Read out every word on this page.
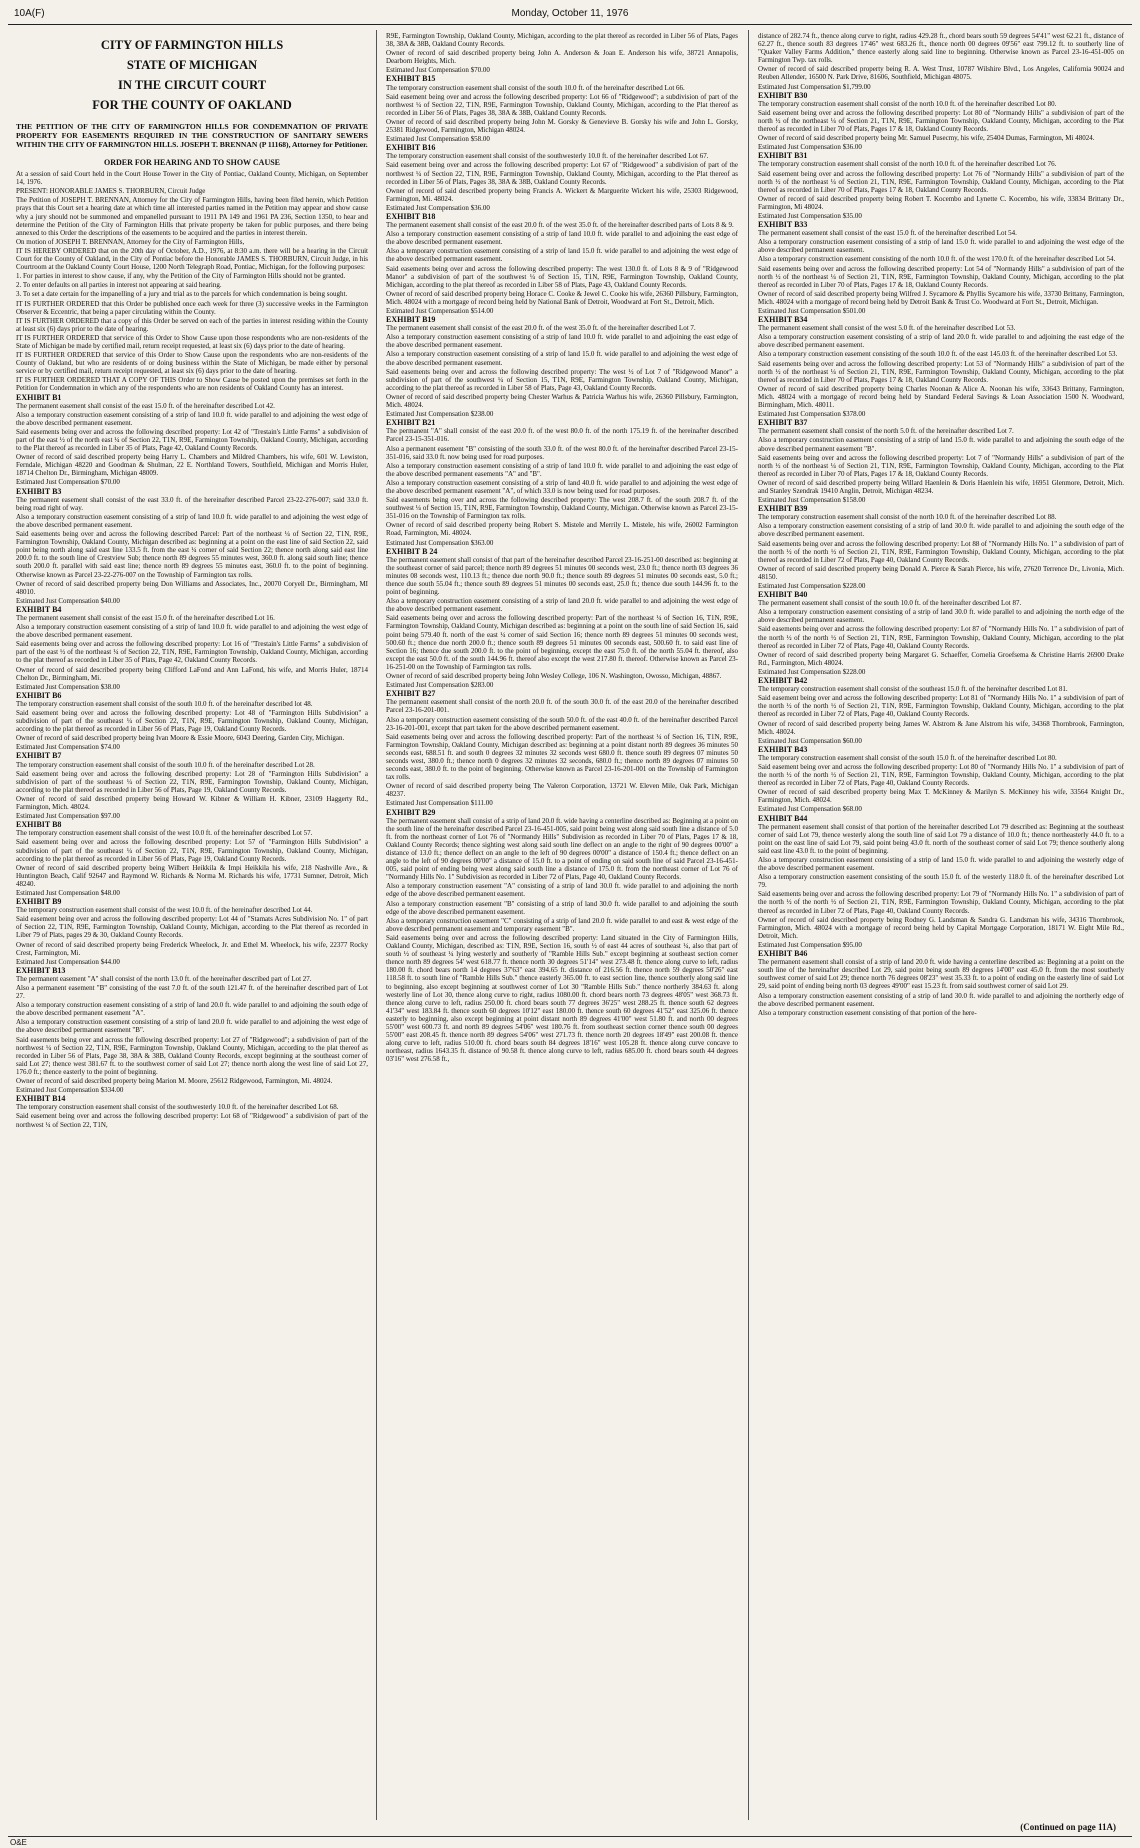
10A(F)	Monday, October 11, 1976
CITY OF FARMINGTON HILLS
STATE OF MICHIGAN
IN THE CIRCUIT COURT
FOR THE COUNTY OF OAKLAND

THE PETITION OF THE CITY OF FARMINGTON HILLS FOR CONDEMNATION OF PRIVATE PROPERTY FOR EASEMENTS REQUIRED IN THE CONSTRUCTION OF SANITARY SEWERS WITHIN THE CITY OF FARMINGTON HILLS. JOSEPH T. BRENNAN (P 11168), Attorney for Petitioner.

ORDER FOR HEARING AND TO SHOW CAUSE

At a session of said Court held in the Court House Tower in the City of Pontiac, Oakland County, Michigan, on September 14, 1976.

PRESENT: HONORABLE JAMES S. THORBURN, Circuit Judge

The Petition of JOSEPH T. BRENNAN, Attorney for the City of Farmington Hills, having been filed herein, which Petition prays that this Court set a hearing date at which time all interested parties named in the Petition may appear and show cause why a jury should not be summoned and empanelled pursuant to 1911 PA 149 and 1961 PA 236, Section 1350, to hear and determine the Petition of the City of Farmington Hills that private property be taken for public purposes, and there being annexed to this Order the descriptions of the easements to be acquired and the parties in interest therein.

On motion of JOSEPH T. BRENNAN, Attorney for the City of Farmington Hills,

IT IS HEREBY ORDERED that on the 20th day of October, A.D., 1976, at 8:30 a.m. there will be a hearing in the Circuit Court for the County of Oakland, in the City of Pontiac before the Honorable JAMES S. THORBURN, Circuit Judge, in his Courtroom at the Oakland County Court House, 1200 North Telegraph Road, Pontiac, Michigan, for the following purposes:

1. For parties in interest to show cause, if any, why the Petition of the City of Farmington Hills should not be granted.

2. To enter defaults on all parties in interest not appearing at said hearing.

3. To set a date certain for the impanelling of a jury and trial as to the parcels for which condemnation is being sought.

IT IS FURTHER ORDERED that this Order be published once each week for three (3) successive weeks in the Farmington Observer & Eccentric, that being a paper circulating within the County.

IT IS FURTHER ORDERED that a copy of this Order be served on each of the parties in interest residing within the County at least six (6) days prior to the date of hearing.

IT IS FURTHER ORDERED that service of this Order to Show Cause upon those respondents who are non-residents of the State of Michigan be made by certified mail, return receipt requested, at least six (6) days prior to the date of hearing.

IT IS FURTHER ORDERED that service of this Order to Show Cause upon the respondents who are non-residents of the County of Oakland, but who are residents of or doing business within the State of Michigan, be made either by personal service or by certified mail, return receipt requested, at least six (6) days prior to the date of hearing.

IT IS FURTHER ORDERED THAT A COPY OF THIS Order to Show Cause be posted upon the premises set forth in the Petition for Condemnation in which any of the respondents who are non residents of Oakland County has an interest.

EXHIBIT B1

The permanent easement shall consist of the east 15.0 ft. of the hereinafter described Lot 42.

Also a temporary construction easement consisting of a strip of land 10.0 ft. wide parallel to and adjoining the west edge of the above described permanent easement.

Said easements being over and across the following described property: Lot 42 of "Trestain's Little Farms" a subdivision of part of the east ½ of the north east ¼ of Section 22, T1N, R9E, Farmington Township, Oakland County, Michigan, according to the Plat thereof as recorded in Liber 35 of Plats, Page 42, Oakland County Records.

Owner of record of said described property being Harry L. Chambers and Mildred Chambers, his wife, 601 W. Lewiston, Ferndale, Michigan 48220 and Goodman & Shulman, 22 E. Northland Towers, Southfield, Michigan and Morris Huler, 18714 Chelton Dr., Birmingham, Michigan 48009.

Estimated Just Compensation $70.00

EXHIBIT B3

The permanent easement shall consist of the east 33.0 ft. of the hereinafter described Parcel 23-22-276-007; said 33.0 ft. being road right of way.

Also a temporary construction easement consisting of a strip of land 10.0 ft. wide parallel to and adjoining the west edge of the above described permanent easement.

Said easements being over and across the following described Parcel: Part of the northeast ¼ of Section 22, T1N, R9E, Farmington Township, Oakland County, Michigan described as: beginning at a point on the east line of said Section 22, said point being north along said east line 133.5 ft. from the east ¼ corner of said Section 22; thence north along said east line 200.0 ft. to the south line of Crestview Sub; thence north 89 degrees 55 minutes west, 360.0 ft. along said south line; thence south 200.0 ft. parallel with said east line; thence north 89 degrees 55 minutes east, 360.0 ft. to the point of beginning. Otherwise known as Parcel 23-22-276-007 on the Township of Farmington tax rolls.

Owner of record of said described property being Don Williams and Associates, Inc., 20070 Coryell Dr., Birmingham, MI 48010.

Estimated Just Compensation $40.00

EXHIBIT B4

The permanent easement shall consist of the east 15.0 ft. of the hereinafter described Lot 16.

Also a temporary construction easement consisting of a strip of land 10.0 ft. wide parallel to and adjoining the west edge of the above described permanent easement.

Said easements being over and across the following described property: Lot 16 of "Trestain's Little Farms" a subdivision of part of the east ½ of the northeast ¼ of Section 22, T1N, R9E, Farmington Township, Oakland County, Michigan, according to the plat thereof as recorded in Liber 35 of Plats, Page 42, Oakland County Records.

Owner of record of said described property being Clifford LaFond and Ann LaFond, his wife, and Morris Huler, 18714 Chelton Dr., Birmingham, Mi.

Estimated Just Compensation $38.00

EXHIBIT B6

The temporary construction easement shall consist of the south 10.0 ft. of the hereinafter described lot 48.

Said easement being over and across the following described property: Lot 48 of "Farmington Hills Subdivision" a subdivision of part of the southeast ¼ of Section 22, T1N, R9E, Farmington Township, Oakland County, Michigan, according to the plat thereof as recorded in Liber 56 of Plats, Page 19, Oakland County Records.

Owner of record of said described property being Ivan Moore & Essie Moore, 6043 Deering, Garden City, Michigan.

Estimated Just Compensation $74.00

EXHIBIT B7

The temporary construction easement shall consist of the south 10.0 ft. of the hereinafter described Lot 28.

Said easement being over and across the following described property: Lot 28 of "Farmington Hills Subdivision" a subdivision of part of the southeast ¼ of Section 22, T1N, R9E, Farmington Township, Oakland County, Michigan, according to the plat thereof as recorded in Liber 56 of Plats, Page 19, Oakland County Records.

Owner of record of said described property being Howard W. Kibner & William H. Kibner, 23109 Haggerty Rd., Farmington, Mich. 48024.

Estimated Just Compensation $97.00

EXHIBIT B8

The temporary construction easement shall consist of the west 10.0 ft. of the hereinafter described Lot 57.

Said easement being over and across the following described property: Lot 57 of "Farmington Hills Subdivision" a subdivision of part of the southeast ¼ of Section 22, T1N, R9E, Farmington Township, Oakland County, Michigan, according to the plat thereof as recorded in Liber 56 of Plats, Page 19, Oakland County Records.

Owner of record of said described property being Wilbert Heikkila & Impi Heikkila his wife, 218 Nashville Ave., & Huntington Beach, Calif 92647 and Raymond W. Richards & Norma M. Richards his wife, 17731 Sumner, Detroit, Mich 48240.

Estimated Just Compensation $48.00

EXHIBIT B9

The temporary construction easement shall consist of the west 10.0 ft. of the hereinafter described Lot 44.

Said easement being over and across the following described property: Lot 44 of "Stamats Acres Subdivision No. 1" of part of Section 22, T1N, R9E, Farmington Township, Oakland County, Michigan, according to the Plat thereof as recorded in Liber 79 of Plats, pages 29 & 30, Oakland County Records.

Owner of record of said described property being Frederick Wheelock, Jr. and Ethel M. Wheelock, his wife, 22377 Rocky Crest, Farmington, Mi.

Estimated Just Compensation $44.00

EXHIBIT B13

The permanent easement "A" shall consist of the north 13.0 ft. of the hereinafter described part of Lot 27.

Also a permanent easement "B" consisting of the east 7.0 ft. of the south 121.47 ft. of the hereinafter described part of Lot 27.

Also a temporary construction easement consisting of a strip of land 20.0 ft. wide parallel to and adjoining the south edge of the above described permanent easement "A".

Also a temporary construction easement consisting of a strip of land 20.0 ft. wide parallel to and adjoining the west edge of the above described permanent easement "B".

Said easements being over and across the following described property: Lot 27 of "Ridgewood"; a subdivision of part of the northwest ¼ of Section 22, T1N, R9E, Farmington Township, Oakland County, Michigan, according to the plat thereof as recorded in Liber 56 of Plats, Page 38, 38A & 38B, Oakland County Records, except beginning at the southeast corner of said Lot 27; thence west 381.67 ft. to the southwest corner of said Lot 27; thence north along the west line of said Lot 27, 176.0 ft.; thence easterly to the point of beginning.

Owner of record of said described property being Marion M. Moore, 25612 Ridgewood, Farmington, Mi. 48024.

Estimated Just Compensation $334.00

EXHIBIT B14

The temporary construction easement shall consist of the southwesterly 10.0 ft. of the hereinafter described Lot 68.

Said easement being over and across the following described property: Lot 68 of "Ridgewood" a subdivision of part of the northwest ¼ of Section 22, T1N,

R9E, Farmington Township, Oakland County, Michigan, according to the plat thereof as recorded in Liber 56 of Plats, Pages 38, 38A & 38B, Oakland County Records.

Owner of record of said described property being John A. Anderson & Joan E. Anderson his wife, 38721 Annapolis, Dearborn Heights, Mich.

Estimated Just Compensation $70.00

EXHIBIT B15

The temporary construction easement shall consist of the south 10.0 ft. of the hereinafter described Lot 66.

Said easement being over and across the following described property: Lot 66 of "Ridgewood"; a subdivision of part of the northwest ¼ of Section 22, T1N, R9E, Farmington Township, Oakland County, Michigan, according to the Plat thereof as recorded in Liber 56 of Plats, Pages 38, 38A & 38B, Oakland County Records.

Owner of record of said described property being John M. Gorsky & Genevieve B. Gorsky his wife and John L. Gorsky, 25381 Ridgewood, Farmington, Michigan 48024.

Estimated Just Compensation $58.00

EXHIBIT B16

The temporary construction easement shall consist of the southwesterly 10.0 ft. of the hereinafter described Lot 67.

Said easement being over and across the following described property: Lot 67 of "Ridgewood" a subdivision of part of the northwest ¼ of Section 22, T1N, R9E, Farmington Township, Oakland County, Michigan, according to the Plat thereof as recorded in Liber 56 of Plats, Pages 38, 38A & 38B, Oakland County Records.

Owner of record of said described property being Francis A. Wickert & Marguerite Wickert his wife, 25303 Ridgewood, Farmington, Mi. 48024.

Estimated Just Compensation $36.00

EXHIBIT B18

The permanent easement shall consist of the east 20.0 ft. of the west 35.0 ft. of the hereinafter described parts of Lots 8 & 9.

Also a temporary construction easement consisting of a strip of land 10.0 ft. wide parallel to and adjoining the east edge of the above described permanent easement.

Also a temporary construction easement consisting of a strip of land 15.0 ft. wide parallel to and adjoining the west edge of the above described permanent easement.

Said easements being over and across the following described property: The west 130.0 ft. of Lots 8 & 9 of "Ridgewood Manor" a subdivision of part of the southwest ¼ of Section 15, T1N, R9E, Farmington Township, Oakland County, Michigan, according to the plat thereof as recorded in Liber 58 of Plats, Page 43, Oakland County Records.

Owner of record of said described property being Horace C. Cooke & Jewel C. Cooke his wife, 26360 Pillsbury, Farmington, Mich. 48024 with a mortgage of record being held by National Bank of Detroit, Woodward at Fort St., Detroit, Mich.

Estimated Just Compensation $514.00

EXHIBIT B19

The permanent easement shall consist of the east 20.0 ft. of the west 35.0 ft. of the hereinafter described Lot 7.

Also a temporary construction easement consisting of a strip of land 10.0 ft. wide parallel to and adjoining the east edge of the above described permanent easement.

Also a temporary construction easement consisting of a strip of land 15.0 ft. wide parallel to and adjoining the west edge of the above described permanent easement.

Said easements being over and across the following described property: The west ½ of Lot 7 of "Ridgewood Manor" a subdivision of part of the southwest ¼ of Section 15, T1N, R9E, Farmington Township, Oakland County, Michigan, according to the plat thereof as recorded in Liber 58 of Plats, Page 43, Oakland County Records.

Owner of record of said described property being Chester Warhus & Patricia Warhus his wife, 26360 Pillsbury, Farmington, Mich. 48024.

Estimated Just Compensation $238.00

EXHIBIT B21

The permanent "A" shall consist of the east 20.0 ft. of the west 80.0 ft. of the north 175.19 ft. of the hereinafter described Parcel 23-15-351-016.

Also a permanent easement "B" consisting of the south 33.0 ft. of the west 80.0 ft. of the hereinafter described Parcel 23-15-351-016, said 33.0 ft. now being used for road purposes.

Also a temporary construction easement consisting of a strip of land 10.0 ft. wide parallel to and adjoining the east edge of the above described permanent easements "A" and "B".

Also a temporary construction easement consisting of a strip of land 40.0 ft. wide parallel to and adjoining the west edge of the above described permanent easement "A", of which 33.0 is now being used for road purposes.

Said easements being over and across the following described property: The west 208.7 ft. of the south 208.7 ft. of the southwest ¼ of Section 15, T1N, R9E, Farmington Township, Oakland County, Michigan. Otherwise known as Parcel 23-15-351-016 on the Township of Farmington tax rolls.

Owner of record of said described property being Robert S. Mistele and Merrily L. Mistele, his wife, 26002 Farmington Road, Farmington, Mi. 48024.

Estimated Just Compensation $363.00

EXHIBIT B 24

The permanent easement shall consist of that part of the hereinafter described Parcel 23-16-251-00 described as: beginning at the southeast corner of said parcel; thence north 89 degrees 51 minutes 00 seconds west, 23.0 ft.; thence north 03 degrees 36 minutes 08 seconds west, 110.13 ft.; thence due north 90.0 ft.; thence south 89 degrees 51 minutes 00 seconds east, 5.0 ft.; thence due south 55.04 ft.; thence south 89 degrees 51 minutes 00 seconds east, 25.0 ft.; thence due south 144.96 ft. to the point of beginning.

Also a temporary construction easement consisting of a strip of land 20.0 ft. wide parallel to and adjoining the west edge of the above described permanent easement.

Said easements being over and across the following described property: Part of the northeast ¼ of Section 16, T1N, R9E, Farmington Township, Oakland County, Michigan described as: beginning at a point on the south line of said Section 16, said point being 579.40 ft. north of the east ¼ corner of said Section 16; thence north 89 degrees 51 minutes 00 seconds west, 500.60 ft.; thence due north 200.0 ft.; thence south 89 degrees 51 minutes 00 seconds east, 500.60 ft. to said east line of Section 16; thence due south 200.0 ft. to the point of beginning, except the east 75.0 ft. of the north 55.04 ft. thereof, also except the east 50.0 ft. of the south 144.96 ft. thereof also except the west 217.80 ft. thereof. Otherwise known as Parcel 23-16-251-00 on the Township of Farmington tax rolls.

Owner of record of said described property being John Wesley College, 106 N. Washington, Owosso, Michigan, 48867.

Estimated Just Compensation $283.00

EXHIBIT B27

The permanent easement shall consist of the north 20.0 ft. of the south 30.0 ft. of the east 20.0 of the hereinafter described Parcel 23-16-201-001.

Also a temporary construction easement consisting of the south 50.0 ft. of the east 40.0 ft. of the hereinafter described Parcel 23-16-201-001, except that part taken for the above described permanent easement.

Said easements being over and across the following described property: Part of the northeast ¼ of Section 16, T1N, R9E, Farmington Township, Oakland County, Michigan described as: beginning at a point distant north 89 degrees 36 minutes 50 seconds east, 688.51 ft. and south 0 degrees 32 minutes 32 seconds west 680.0 ft. thence south 89 degrees 07 minutes 50 seconds west, 380.0 ft.; thence north 0 degrees 32 minutes 32 seconds, 680.0 ft.; thence north 89 degrees 07 minutes 50 seconds east, 380.0 ft. to the point of beginning. Otherwise known as Parcel 23-16-201-001 on the Township of Farmington tax rolls.

Owner of record of said described property being The Valeron Corporation, 13721 W. Eleven Mile, Oak Park, Michigan 48237.

Estimated Just Compensation $111.00

EXHIBIT B29

The permanent easement shall consist of a strip of land 20.0 ft. wide having a centerline described as: Beginning at a point on the south line of the hereinafter described Parcel 23-16-451-005, said point being west along said south line a distance of 5.0 ft. from the northeast corner of Lot 76 of "Normandy Hills" Subdivision as recorded in Liber 70 of Plats, Pages 17 & 18, Oakland County Records; thence sighting west along said south line deflect on an angle to the right of 90 degrees 00'00" a distance of 13.0 ft.; thence deflect on an angle to the left of 90 degrees 00'00" a distance of 150.4 ft.; thence deflect on an angle to the left of 90 degrees 00'00" a distance of 15.0 ft. to a point of ending on said south line of said Parcel 23-16-451-005, said point of ending being west along said south line a distance of 175.0 ft. from the northeast corner of Lot 76 of "Normandy Hills No. 1" Subdivision as recorded in Liber 72 of Plats, Page 40, Oakland County Records.

Also a temporary construction easement "A" consisting of a strip of land 30.0 ft. wide parallel to and adjoining the north edge of the above described permanent easement.

Also a temporary construction easement "B" consisting of a strip of land 30.0 ft. wide parallel to and adjoining the south edge of the above described permanent easement.

Also a temporary construction easement "C" consisting of a strip of land 20.0 ft. wide parallel to and east & west edge of the above described permanent easement and temporary easement "B".

Said easements being over and across the following described property: Land situated in the City of Farmington Hills, Oakland County, Michigan, described as: T1N, R9E, Section 16, south ½ of east 44 acres of southeast ¼, also that part of south ½ of southeast ¼ lying westerly and southerly of "Ramble Hills Sub." except beginning at southeast section corner thence north 89 degrees 54' west 618.77 ft. thence north 30 degrees 51'14" west 273.48 ft. thence along curve to left, radius 180.00 ft. chord bears north 14 degrees 37'63" east 394.65 ft. distance of 216.56 ft. thence north 59 degrees 50'26" east 118.58 ft. to south line of "Ramble Hills Sub." thence easterly 365.00 ft. to east section line, thence southerly along said line to beginning, also except beginning at southwest corner of Lot 30 "Ramble Hills Sub." thence northerly 384.63 ft. along westerly line of Lot 30, thence along curve to right, radius 1080.00 ft. chord bears north 73 degrees 48'05" west 368.73 ft. thence along curve to left, radius 250.00 ft. chord bears south 77 degrees 36'25" west 288.25 ft. thence south 62 degrees 41'34" west 183.84 ft. thence south 60 degrees 10'12" east 180.00 ft. thence south 60 degrees 41'52" east 325.06 ft. thence easterly to beginning, also except beginning at point distant north 89 degrees 41'00" west 51.80 ft. and north 00 degrees 55'00" west 600.73 ft. and north 89 degrees 54'06" west 180.76 ft. from southeast section corner thence south 00 degrees 55'00" east 208.45 ft. thence north 89 degrees 54'06" west 271.73 ft. thence north 20 degrees 18'49" east 200.08 ft. thence along curve to left, radius 510.00 ft. chord bears south 84 degrees 18'16" west 105.28 ft. thence along curve concave to northeast, radius 1643.35 ft. distance of 90.58 ft. thence along curve to left, radius 685.00 ft. chord bears south 44 degrees 03'16" west 276.58 ft.,

distance of 282.74 ft., thence along curve to right, radius 429.28 ft., chord bears south 59 degrees 54'41" west 62.21 ft., distance of 62.27 ft., thence south 83 degrees 17'46" west 683.26 ft., thence north 00 degrees 09'56" east 799.12 ft. to southerly line of "Quaker Valley Farms Addition," thence easterly along said line to beginning. Otherwise known as Parcel 23-16-451-005 on Farmington Twp. tax rolls.

Owner of record of said described property being R. A. West Trust, 10787 Wilshire Blvd., Los Angeles, California 90024 and Reuben Allender, 16500 N. Park Drive, 81606, Southfield, Michigan 48075.

Estimated Just Compensation $1,799.00

EXHIBIT B30

The temporary construction easement shall consist of the north 10.0 ft. of the hereinafter described Lot 80.

Said easement being over and across the following described property: Lot 80 of "Normandy Hills" a subdivision of part of the north ½ of the northeast ¼ of Section 21, T1N, R9E, Farmington Township, Oakland County, Michigan, according to the Plat thereof as recorded in Liber 70 of Plats, Pages 17 & 18, Oakland County Records.

Owner of record of said described property being Mr. Samuel Pusecmy, his wife, 25404 Dumas, Farmington, Mi 48024.

Estimated Just Compensation $36.00

EXHIBIT B31

The temporary construction easement shall consist of the north 10.0 ft. of the hereinafter described Lot 76.

Said easement being over and across the following described property: Lot 76 of "Normandy Hills" a subdivision of part of the north ½ of the northeast ¼ of Section 21, T1N, R9E, Farmington Township, Oakland County, Michigan, according to the Plat thereof as recorded in Liber 70 of Plats, Pages 17 & 18, Oakland County Records.

Owner of record of said described property being Robert T. Kocembo and Lynette C. Kocembo, his wife, 33834 Brittany Dr., Farmington, Mi 48024.

Estimated Just Compensation $35.00

EXHIBIT B33

The permanent easement shall consist of the east 15.0 ft. of the hereinafter described Lot 54.

Also a temporary construction easement consisting of a strip of land 15.0 ft. wide parallel to and adjoining the west edge of the above described permanent easement.

Also a temporary construction easement consisting of the north 10.0 ft. of the west 170.0 ft. of the hereinafter described Lot 54.

Said easements being over and across the following described property: Lot 54 of "Normandy Hills" a subdivision of part of the north ½ of the northeast ¼ of Section 21, T1N, R9E, Farmington Township, Oakland County, Michigan, according to the plat thereof as recorded in Liber 70 of Plats, Pages 17 & 18, Oakland County Records.

Owner of record of said described property being Wilfred J. Sycamore & Phyllis Sycamore his wife, 33730 Brittany, Farmington, Mich. 48024 with a mortgage of record being held by Detroit Bank & Trust Co. Woodward at Fort St., Detroit, Michigan.

Estimated Just Compensation $501.00

EXHIBIT B34

The permanent easement shall consist of the west 5.0 ft. of the hereinafter described Lot 53.

Also a temporary construction easement consisting of a strip of land 20.0 ft. wide parallel to and adjoining the east edge of the above described permanent easement.

Also a temporary construction easement consisting of the south 10.0 ft. of the east 145.03 ft. of the hereinafter described Lot 53.

Said easements being over and across the following described property: Lot 53 of "Normandy Hills" a subdivision of part of the north ½ of the northeast ¼ of Section 21, T1N, R9E, Farmington Township, Oakland County, Michigan, according to the plat thereof as recorded in Liber 70 of Plats, Pages 17 & 18, Oakland County Records.

Owner of record of said described property being Charles Noonan & Alice A. Noonan his wife, 33643 Brittany, Farmington, Mich. 48024 with a mortgage of record being held by Standard Federal Savings & Loan Association 1500 N. Woodward, Birmingham, Mich. 48011.

Estimated Just Compensation $378.00

EXHIBIT B37

The permanent easement shall consist of the north 5.0 ft. of the hereinafter described Lot 7.

Also a temporary construction easement consisting of a strip of land 15.0 ft. wide parallel to and adjoining the south edge of the above described permanent easement "B".

Said easements being over and across the following described property: Lot 7 of "Normandy Hills" a subdivision of part of the north ½ of the northeast ¼ of Section 21, T1N, R9E, Farmington Township, Oakland County, Michigan, according to the Plat thereof as recorded in Liber 70 of Plats, Pages 17 & 18, Oakland County Records.

Owner of record of said described property being Willard Haenlein & Doris Haenlein his wife, 16951 Glenmore, Detroit, Mich. and Stanley Szendrak 19410 Anglin, Detroit, Michigan 48234.

Estimated Just Compensation $158.00

EXHIBIT B39

The temporary construction easement shall consist of the north 10.0 ft. of the hereinafter described Lot 88.

Also a temporary construction easement consisting of a strip of land 30.0 ft. wide parallel to and adjoining the south edge of the above described permanent easement.

Said easements being over and across the following described property: Lot 88 of "Normandy Hills No. 1" a subdivision of part of the north ½ of the north ½ of Section 21, T1N, R9E, Farmington Township, Oakland County, Michigan, according to the plat thereof as recorded in Liber 72 of Plats, Page 40, Oakland County Records.

Owner of record of said described property being Donald A. Pierce & Sarah Pierce, his wife, 27620 Terrence Dr., Livonia, Mich. 48150.

Estimated Just Compensation $228.00

EXHIBIT B40

The permanent easement shall consist of the south 10.0 ft. of the hereinafter described Lot 87.

Also a temporary construction easement consisting of a strip of land 30.0 ft. wide parallel to and adjoining the north edge of the above described permanent easement.

Said easements being over and across the following described property: Lot 87 of "Normandy Hills No. 1" a subdivision of part of the north ½ of the north ½ of Section 21, T1N, R9E, Farmington Township, Oakland County, Michigan, according to the plat thereof as recorded in Liber 72 of Plats, Page 40, Oakland County Records.

Owner of record of said described property being Margaret G. Schaeffer, Cornelia Groefsema & Christine Harris 26900 Drake Rd., Farmington, Mich 48024.

Estimated Just Compensation $228.00

EXHIBIT B42

The temporary construction easement shall consist of the southeast 15.0 ft. of the hereinafter described Lot 81.

Said easement being over and across the following described property: Lot 81 of "Normandy Hills No. 1" a subdivision of part of the north ½ of the north ½ of Section 21, T1N, R9E, Farmington Township, Oakland County, Michigan, according to the plat thereof as recorded in Liber 72 of Plats, Page 40, Oakland County Records.

Owner of record of said described property being James W. Alstrom & Jane Alstrom his wife, 34368 Thornbrook, Farmington, Mich. 48024.

Estimated Just Compensation $60.00

EXHIBIT B43

The temporary construction easement shall consist of the south 15.0 ft. of the hereinafter described Lot 80.

Said easement being over and across the following described property: Lot 80 of "Normandy Hills No. 1" a subdivision of part of the north ½ of the north ½ of Section 21, T1N, R9E, Farmington Township, Oakland County, Michigan, according to the plat thereof as recorded in Liber 72 of Plats, Page 40, Oakland County Records.

Owner of record of said described property being Max T. McKinney & Marilyn S. McKinney his wife, 33564 Knight Dr., Farmington, Mich. 48024.

Estimated Just Compensation $68.00

EXHIBIT B44

The permanent easement shall consist of that portion of the hereinafter described Lot 79 described as: Beginning at the southeast corner of said Lot 79, thence westerly along the south line of said Lot 79 a distance of 10.0 ft.; thence northeasterly 44.0 ft. to a point on the east line of said Lot 79, said point being 43.0 ft. north of the southeast corner of said Lot 79; thence southerly along said east line 43.0 ft. to the point of beginning.

Also a temporary construction easement consisting of a strip of land 15.0 ft. wide parallel to and adjoining the westerly edge of the above described permanent easement.

Also a temporary construction easement consisting of the south 15.0 ft. of the westerly 118.0 ft. of the hereinafter described Lot 79.

Said easements being over and across the following described property: Lot 79 of "Normandy Hills No. 1" a subdivision of part of the north ½ of the north ½ of Section 21, T1N, R9E, Farmington Township, Oakland County, Michigan, according to the plat thereof as recorded in Liber 72 of Plats, Page 40, Oakland County Records.

Owner of record of said described property being Rodney G. Landsman & Sandra G. Landsman his wife, 34316 Thornbrook, Farmington, Mich. 48024 with a mortgage of record being held by Capital Mortgage Corporation, 18171 W. Eight Mile Rd., Detroit, Mich.

Estimated Just Compensation $95.00

EXHIBIT B46

The permanent easement shall consist of a strip of land 20.0 ft. wide having a centerline described as: Beginning at a point on the south line of the hereinafter described Lot 29, said point being south 89 degrees 14'00" east 45.0 ft. from the most southerly southwest corner of said Lot 29; thence north 76 degrees 08'23" west 35.33 ft. to a point of ending on the easterly line of said Lot 29, said point of ending being north 03 degrees 49'00" east 15.23 ft. from said southwest corner of said Lot 29.

Also a temporary construction easement consisting of a strip of land 30.0 ft. wide parallel to and adjoining the northerly edge of the above described permanent easement.

Also a temporary construction easement consisting of that portion of the here-

(Continued on page 11A)
O&E
